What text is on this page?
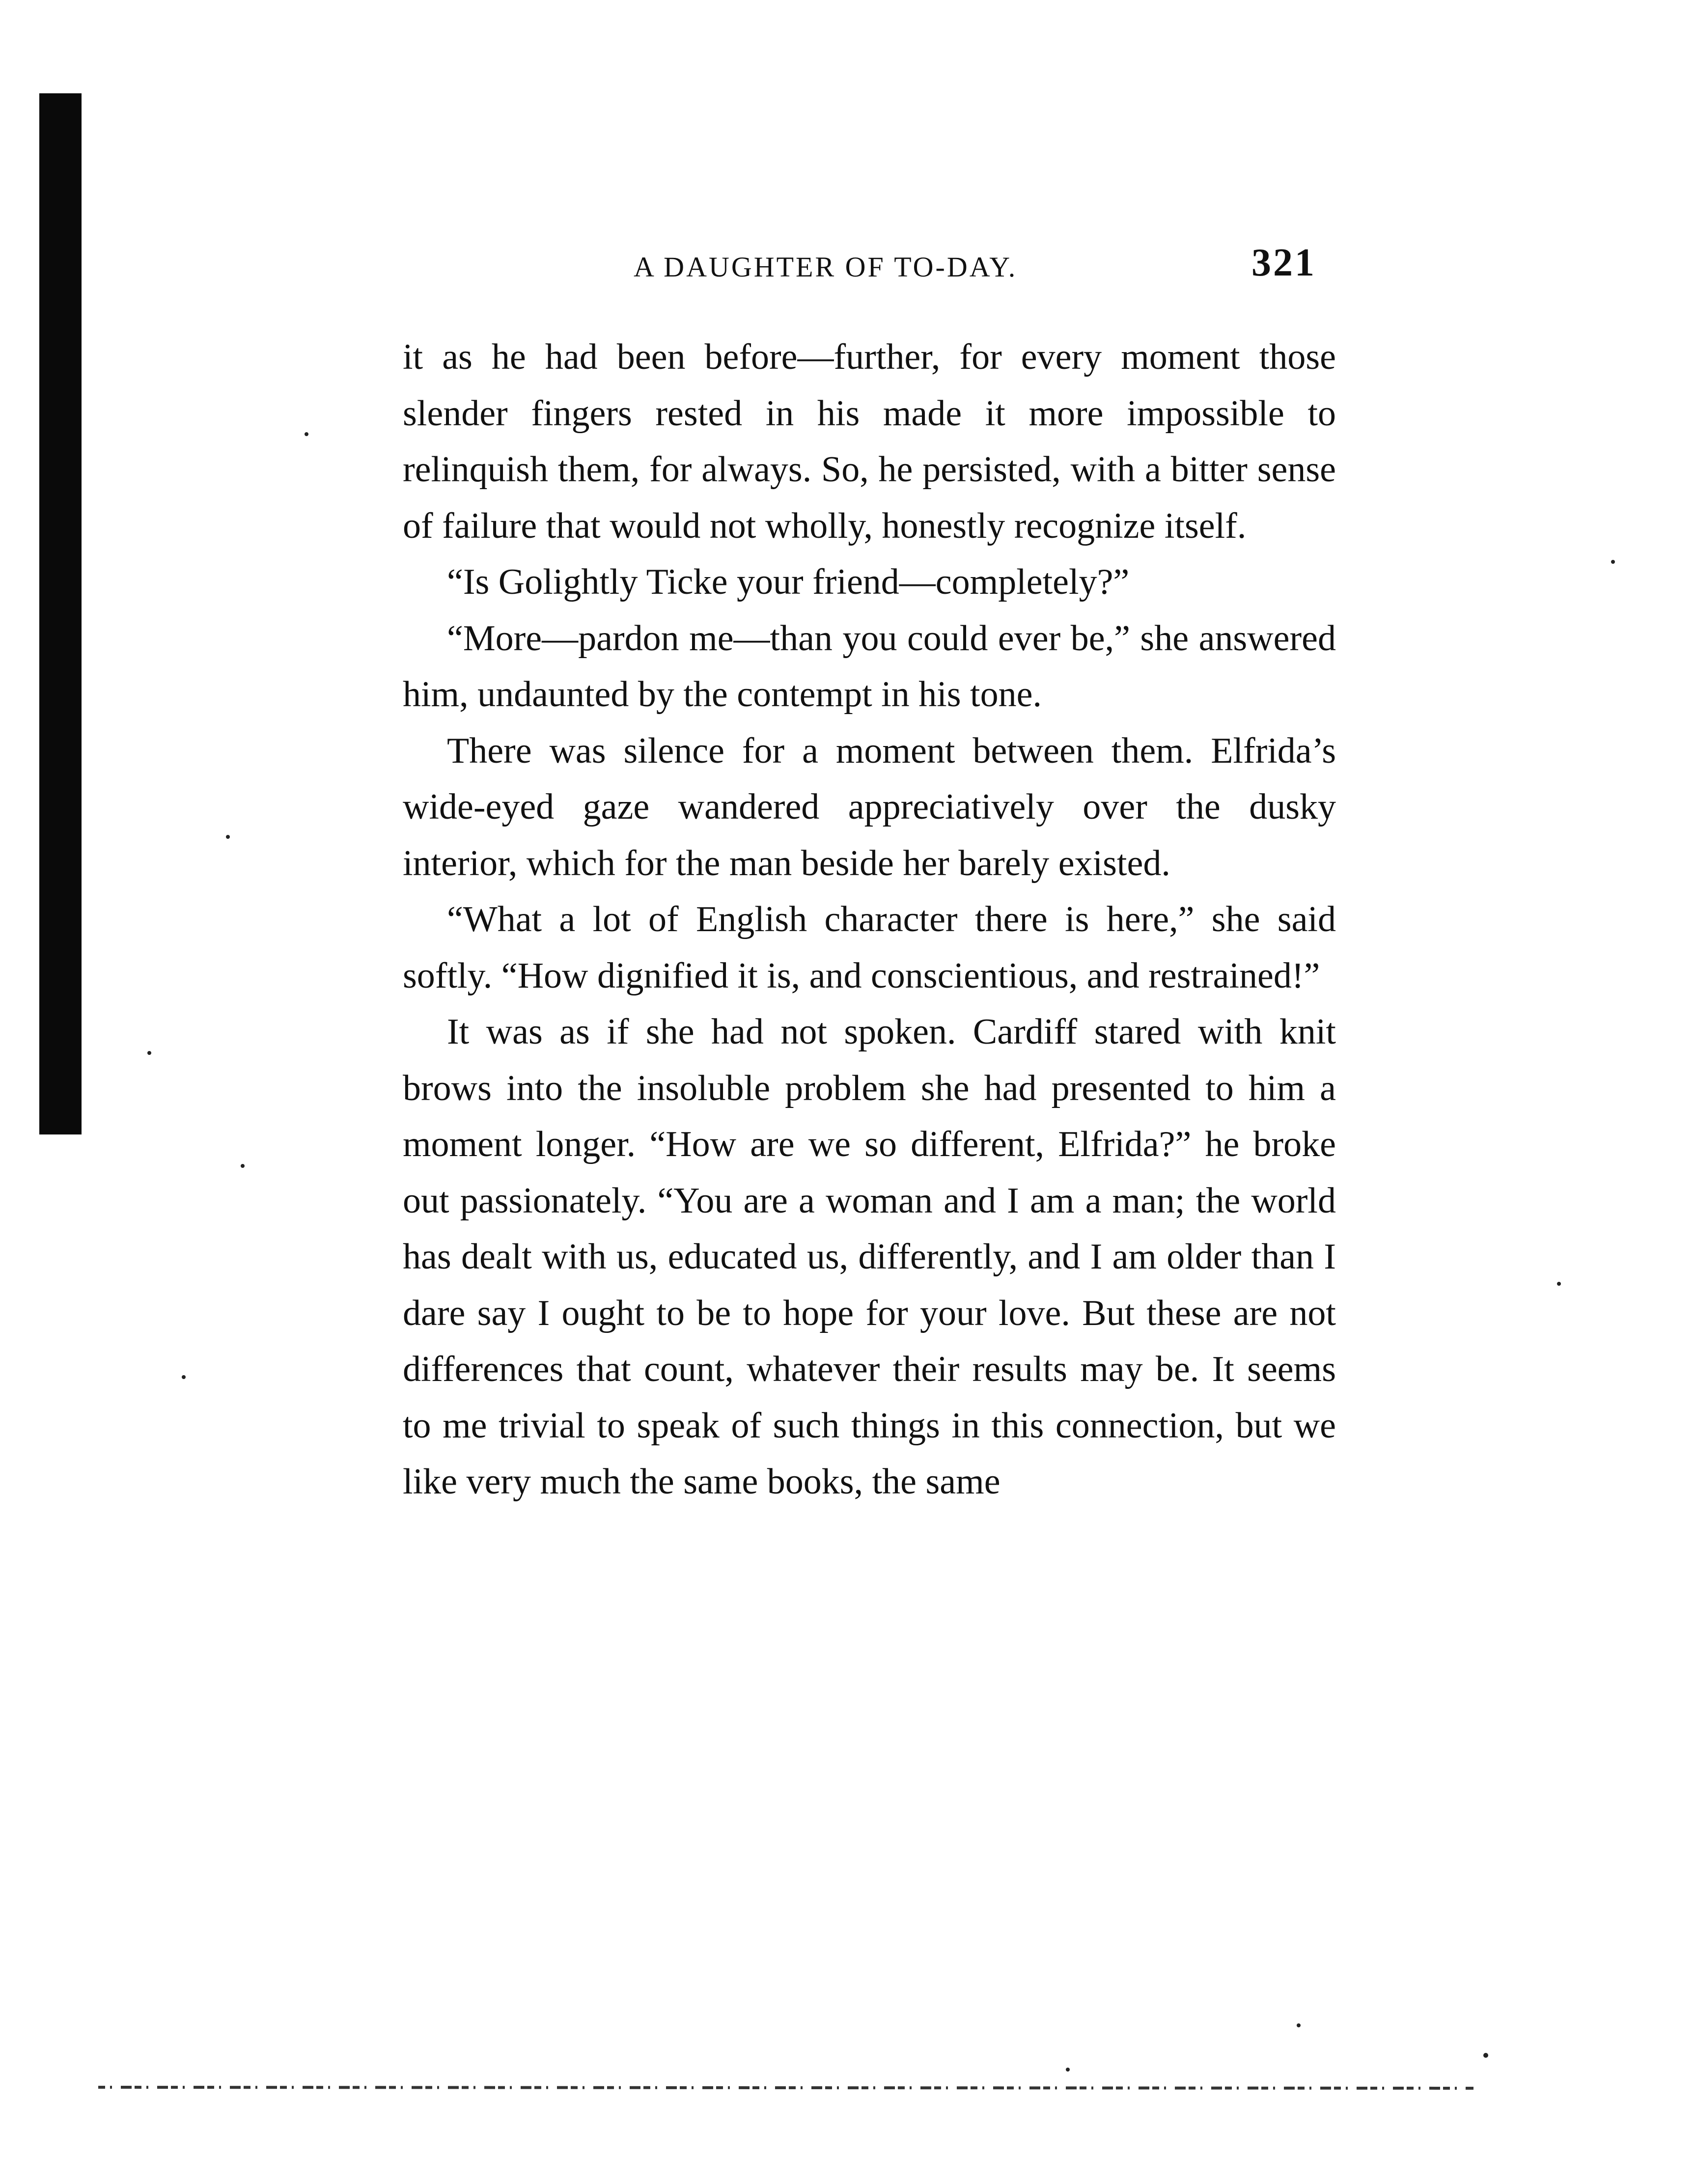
A DAUGHTER OF TO-DAY.	321

it as he had been before—further, for every moment those slender fingers rested in his made it more impossible to relinquish them, for always. So, he persisted, with a bitter sense of failure that would not wholly, honestly recognize itself.

“Is Golightly Ticke your friend—completely?”

“More—pardon me—than you could ever be,” she answered him, undaunted by the contempt in his tone.

There was silence for a moment between them. Elfrida’s wide-eyed gaze wandered appreciatively over the dusky interior, which for the man beside her barely existed.

“What a lot of English character there is here,” she said softly. “How dignified it is, and conscientious, and restrained!”

It was as if she had not spoken. Cardiff stared with knit brows into the insoluble problem she had presented to him a moment longer. “How are we so different, Elfrida?” he broke out passionately. “You are a woman and I am a man; the world has dealt with us, educated us, differently, and I am older than I dare say I ought to be to hope for your love. But these are not differences that count, whatever their results may be. It seems to me trivial to speak of such things in this connection, but we like very much the same books, the same
